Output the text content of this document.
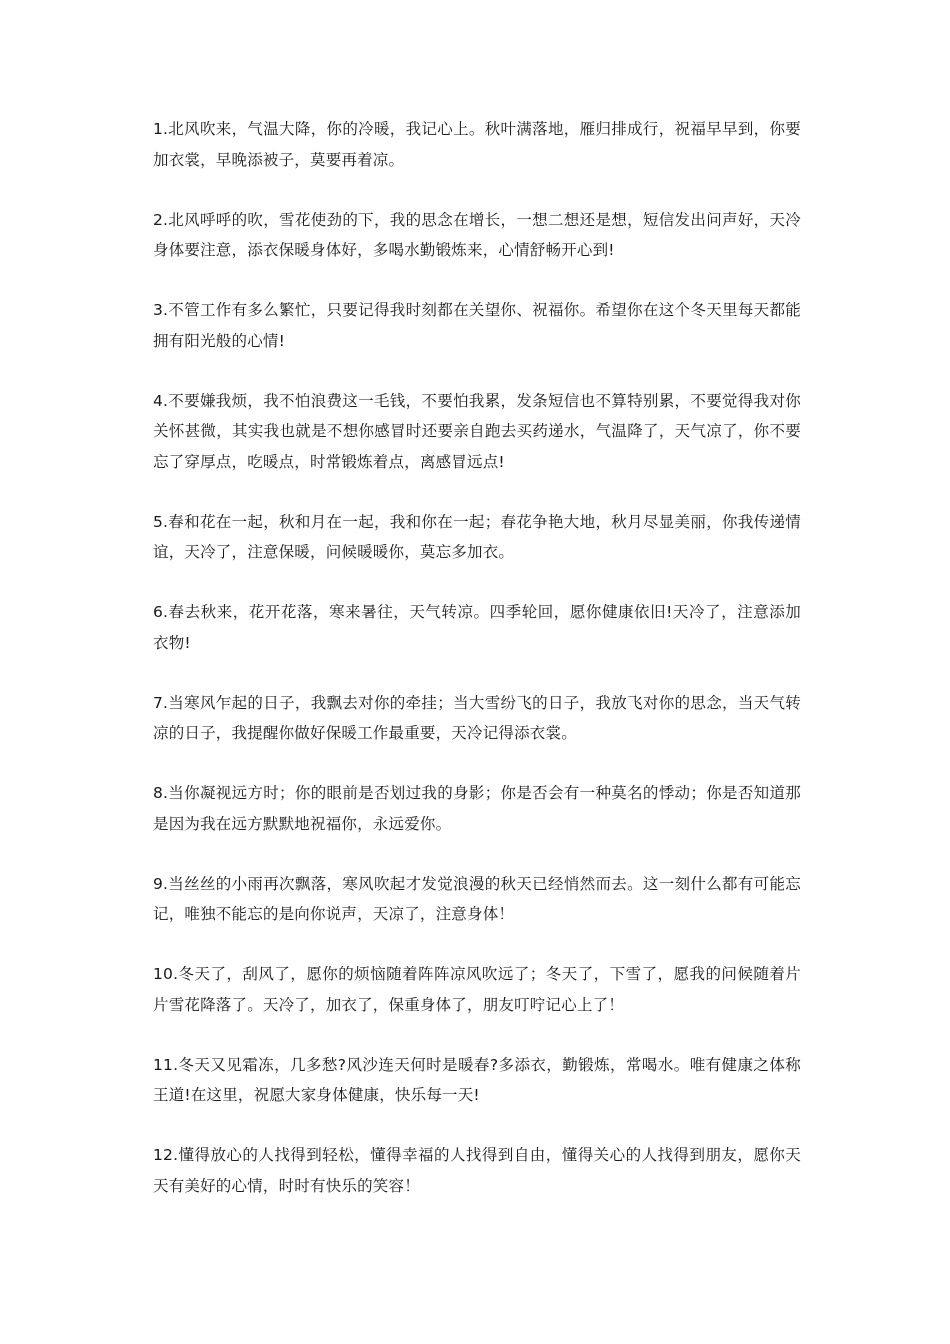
1.北风吹来，气温大降，你的冷暖，我记心上。秋叶满落地，雁归排成行，祝福早早到，你要加衣裳，早晚添被子，莫要再着凉。

2.北风呼呼的吹，雪花使劲的下，我的思念在增长，一想二想还是想，短信发出问声好，天冷身体要注意，添衣保暖身体好，多喝水勤锻炼来，心情舒畅开心到!

3.不管工作有多么繁忙，只要记得我时刻都在关望你、祝福你。希望你在这个冬天里每天都能拥有阳光般的心情!

4.不要嫌我烦，我不怕浪费这一毛钱，不要怕我累，发条短信也不算特别累，不要觉得我对你关怀甚微，其实我也就是不想你感冒时还要亲自跑去买药递水，气温降了，天气凉了，你不要忘了穿厚点，吃暖点，时常锻炼着点，离感冒远点!

5.春和花在一起，秋和月在一起，我和你在一起；春花争艳大地，秋月尽显美丽，你我传递情谊，天冷了，注意保暖，问候暖暖你，莫忘多加衣。

6.春去秋来，花开花落，寒来暑往，天气转凉。四季轮回，愿你健康依旧!天冷了，注意添加衣物!

7.当寒风乍起的日子，我飘去对你的牵挂；当大雪纷飞的日子，我放飞对你的思念，当天气转凉的日子，我提醒你做好保暖工作最重要，天冷记得添衣裳。

8.当你凝视远方时；你的眼前是否划过我的身影；你是否会有一种莫名的悸动；你是否知道那是因为我在远方默默地祝福你，永远爱你。

9.当丝丝的小雨再次飘落，寒风吹起才发觉浪漫的秋天已经悄然而去。这一刻什么都有可能忘记，唯独不能忘的是向你说声，天凉了，注意身体！

10.冬天了，刮风了，愿你的烦恼随着阵阵凉风吹远了；冬天了，下雪了，愿我的问候随着片片雪花降落了。天冷了，加衣了，保重身体了，朋友叮咛记心上了！

11.冬天又见霜冻，几多愁?风沙连天何时是暖春?多添衣，勤锻炼，常喝水。唯有健康之体称王道!在这里，祝愿大家身体健康，快乐每一天!

12.懂得放心的人找得到轻松，懂得幸福的人找得到自由，懂得关心的人找得到朋友，愿你天天有美好的心情，时时有快乐的笑容！
